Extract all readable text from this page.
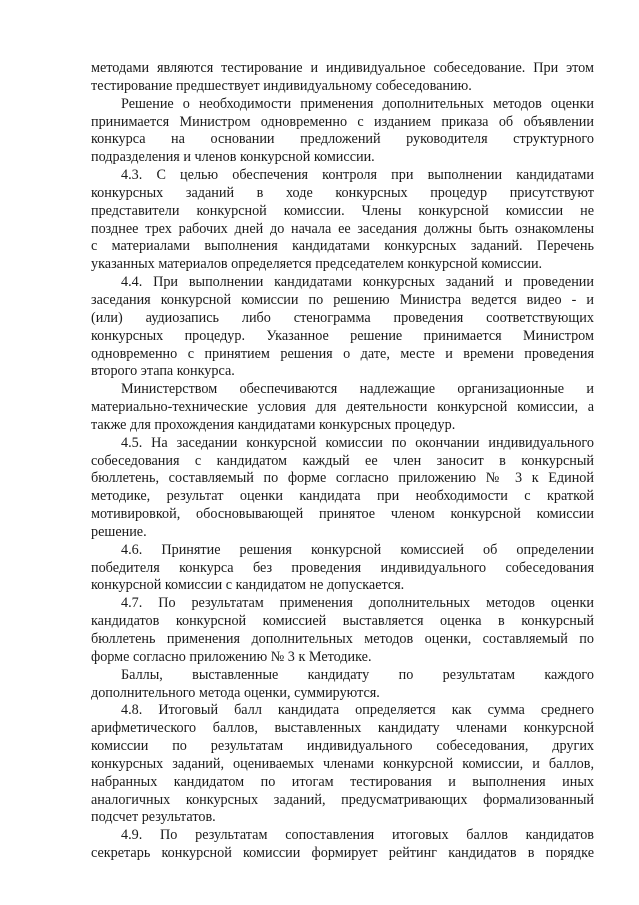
методами являются тестирование и индивидуальное собеседование. При этом
тестирование предшествует индивидуальному собеседованию.
Решение о необходимости применения дополнительных методов оценки
принимается Министром одновременно с изданием приказа об объявлении
конкурса на основании предложений руководителя структурного
подразделения и членов конкурсной комиссии.
4.3. С целью обеспечения контроля при выполнении кандидатами
конкурсных заданий в ходе конкурсных процедур присутствуют
представители конкурсной комиссии. Члены конкурсной комиссии не
позднее трех рабочих дней до начала ее заседания должны быть ознакомлены
с материалами выполнения кандидатами конкурсных заданий. Перечень
указанных материалов определяется председателем конкурсной комиссии.
4.4. При выполнении кандидатами конкурсных заданий и проведении
заседания конкурсной комиссии по решению Министра ведется видео - и
(или) аудиозапись либо стенограмма проведения соответствующих
конкурсных процедур. Указанное решение принимается Министром
одновременно с принятием решения о дате, месте и времени проведения
второго этапа конкурса.
Министерством обеспечиваются надлежащие организационные и
материально-технические условия для деятельности конкурсной комиссии, а
также для прохождения кандидатами конкурсных процедур.
4.5. На заседании конкурсной комиссии по окончании индивидуального
собеседования с кандидатом каждый ее член заносит в конкурсный
бюллетень, составляемый по форме согласно приложению № 3 к Единой
методике, результат оценки кандидата при необходимости с краткой
мотивировкой, обосновывающей принятое членом конкурсной комиссии
решение.
4.6. Принятие решения конкурсной комиссией об определении
победителя конкурса без проведения индивидуального собеседования
конкурсной комиссии с кандидатом не допускается.
4.7. По результатам применения дополнительных методов оценки
кандидатов конкурсной комиссией выставляется оценка в конкурсный
бюллетень применения дополнительных методов оценки, составляемый по
форме согласно приложению № 3 к Методике.
Баллы, выставленные кандидату по результатам каждого
дополнительного метода оценки, суммируются.
4.8. Итоговый балл кандидата определяется как сумма среднего
арифметического баллов, выставленных кандидату членами конкурсной
комиссии по результатам индивидуального собеседования, других
конкурсных заданий, оцениваемых членами конкурсной комиссии, и баллов,
набранных кандидатом по итогам тестирования и выполнения иных
аналогичных конкурсных заданий, предусматривающих формализованный
подсчет результатов.
4.9. По результатам сопоставления итоговых баллов кандидатов
секретарь конкурсной комиссии формирует рейтинг кандидатов в порядке
